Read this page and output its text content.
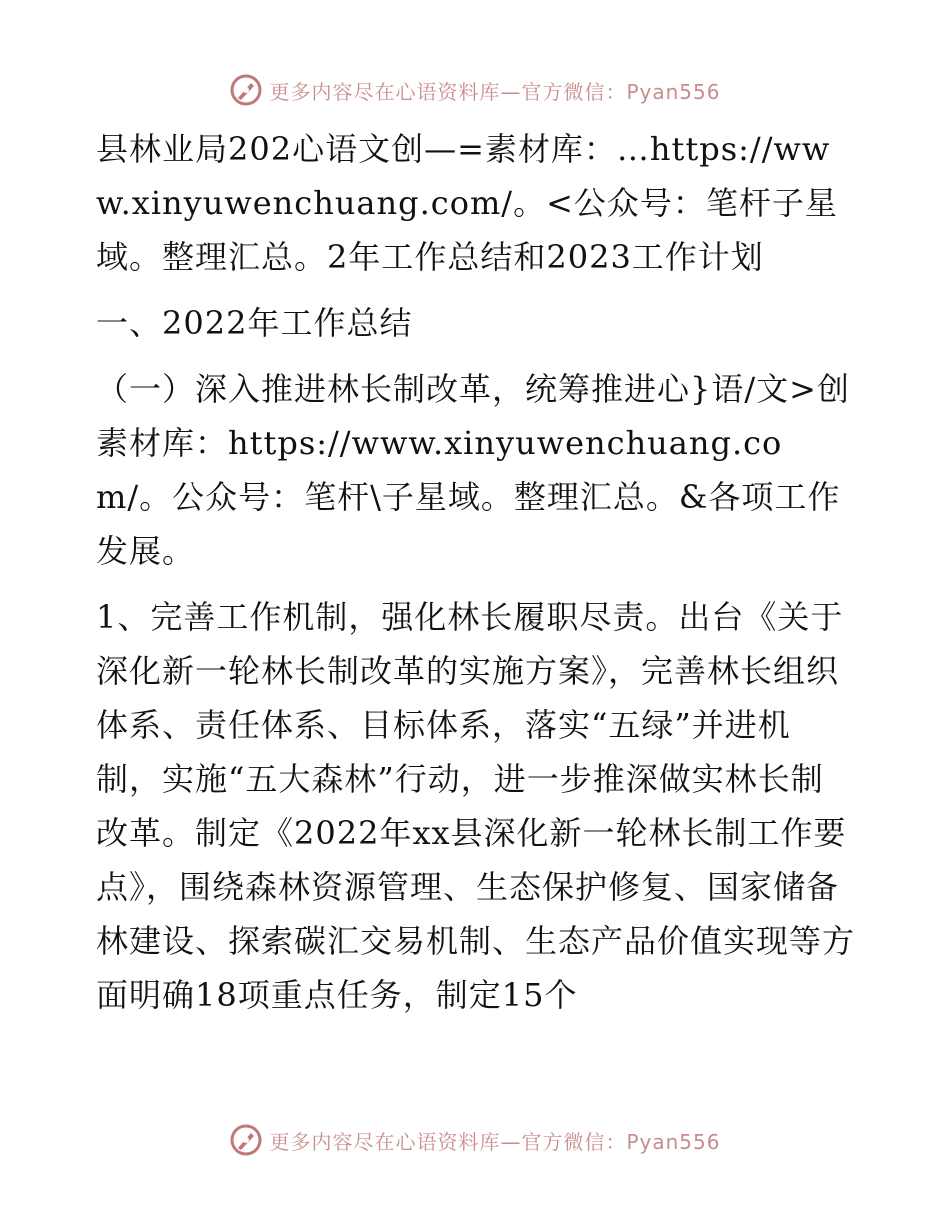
更多内容尽在心语资料库—官方微信：Pyan556

县林业局202心语文创—=素材库：…https://www.xinyuwenchuang.com/。<公众号：笔杆子星域。整理汇总。2年工作总结和2023工作计划

一、2022年工作总结

（一）深入推进林长制改革，统筹推进心}语/文>创素材库：https://www.xinyuwenchuang.com/。公众号：笔杆\子星域。整理汇总。&各项工作发展。

1、完善工作机制，强化林长履职尽责。出台《关于深化新一轮林长制改革的实施方案》，完善林长组织体系、责任体系、目标体系，落实“五绿”并进机制，实施“五大森林”行动，进一步推深做实林长制改革。制定《2022年xx县深化新一轮林长制工作要点》，围绕森林资源管理、生态保护修复、国家储备林建设、探索碳汇交易机制、生态产品价值实现等方面明确18项重点任务，制定15个

更多内容尽在心语资料库—官方微信：Pyan556
